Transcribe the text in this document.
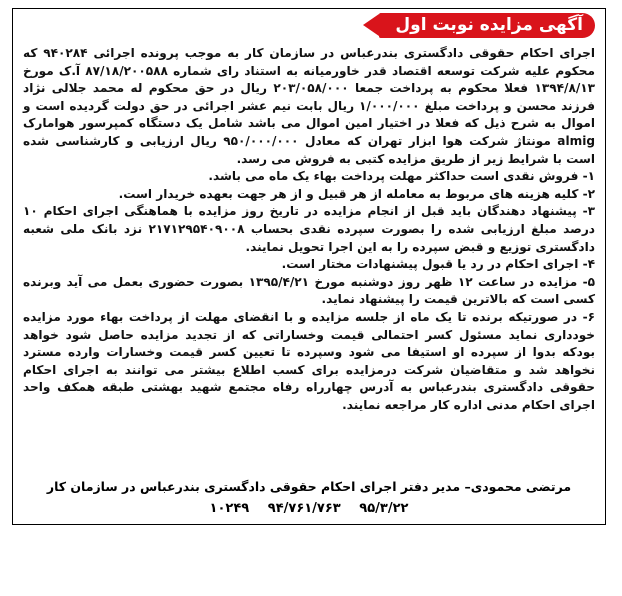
آگهی مزایده نوبت اول

اجرای احکام حقوقی دادگستری بندرعباس در سازمان کار به موجب پرونده اجرائی ۹۴۰۲۸۴ که محکوم علیه شرکت توسعه اقتصاد قدر خاورمیانه به استناد رای شماره ۸۷/۱۸/۲۰۰۵۸۸ آ.ک مورخ ۱۳۹۴/۸/۱۳ فعلا محکوم به پرداخت جمعا ۲۰۳/۰۵۸/۰۰۰ ریال در حق محکوم له محمد جلالی نژاد فرزند محسن و پرداخت مبلغ ۱/۰۰۰/۰۰۰ ریال بابت نیم عشر اجرائی در حق دولت گردیده است و اموال به شرح ذیل که فعلا در اختیار امین اموال می باشد شامل یک دستگاه کمپرسور هوامارک almig مونتاژ شرکت هوا ابزار تهران که معادل ۹۵۰/۰۰۰/۰۰۰ ریال ارزیابی و کارشناسی شده است با شرایط زیر از طریق مزایده کتبی به فروش می رسد.

۱- فروش نقدی است حداکثر مهلت پرداخت بهاء یک ماه می باشد.

۲- کلیه هزینه های مربوط به معامله از هر قبیل و از هر جهت بعهده خریدار است.

۳- پیشنهاد دهندگان باید قبل از انجام مزایده در تاریخ روز مزایده با هماهنگی اجرای احکام ۱۰ درصد مبلغ ارزیابی شده را بصورت سپرده نقدی بحساب ۲۱۷۱۲۹۵۴۰۹۰۰۸ نزد بانک ملی شعبه دادگستری توزیع و قبض سپرده را به این اجرا تحویل نمایند.

۴- اجرای احکام در رد یا قبول پیشنهادات مختار است.

۵- مزایده در ساعت ۱۲ ظهر روز دوشنبه مورخ ۱۳۹۵/۴/۲۱ بصورت حضوری بعمل می آید وبرنده کسی است که بالاترین قیمت را پیشنهاد نماید.

۶- در صورتیکه برنده تا یک ماه از جلسه مزایده و با انقضای مهلت از پرداخت بهاء مورد مزایده خودداری نماید مسئول کسر احتمالی قیمت وخساراتی که از تجدید مزایده حاصل شود خواهد بودکه بدوا از سپرده او استیفا می شود وسپرده تا تعیین کسر قیمت وخسارات وارده مسترد نخواهد شد و متقاضیان شرکت درمزایده برای کسب اطلاع بیشتر می توانند به اجرای احکام حقوقی دادگستری بندرعباس به آدرس چهارراه رفاه مجتمع شهید بهشتی طبقه همکف واحد اجرای احکام مدنی اداره کار مراجعه نمایند.

مرتضی محمودی– مدیر دفتر اجرای احکام حقوقی دادگستری بندرعباس در سازمان کار
۱۰۲۴۹ ۹۴/۷۶۱/۷۶۳ ۹۵/۳/۲۲
